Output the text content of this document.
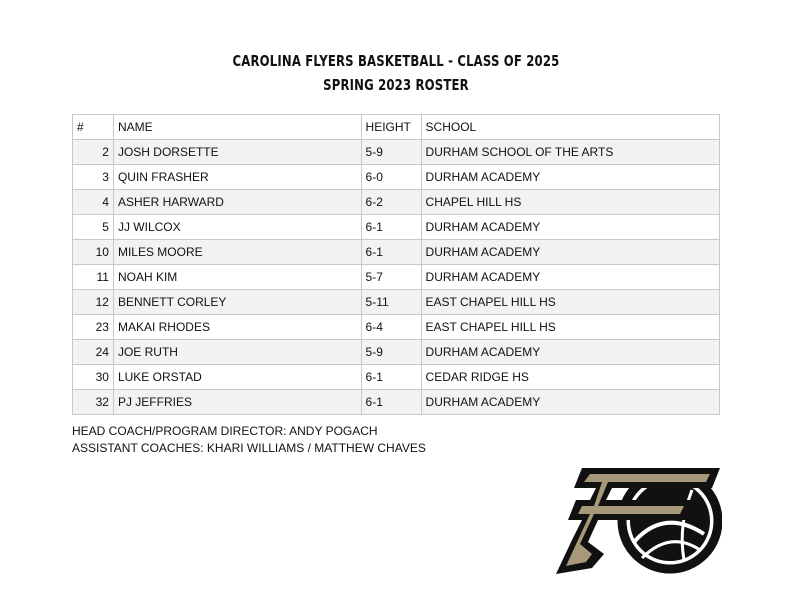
CAROLINA FLYERS BASKETBALL - CLASS OF 2025
SPRING 2023 ROSTER
#	NAME	HEIGHT	SCHOOL
2	JOSH DORSETTE	5-9	DURHAM SCHOOL OF THE ARTS
3	QUIN FRASHER	6-0	DURHAM ACADEMY
4	ASHER HARWARD	6-2	CHAPEL HILL HS
5	JJ WILCOX	6-1	DURHAM ACADEMY
10	MILES MOORE	6-1	DURHAM ACADEMY
11	NOAH KIM	5-7	DURHAM ACADEMY
12	BENNETT CORLEY	5-11	EAST CHAPEL HILL HS
23	MAKAI RHODES	6-4	EAST CHAPEL HILL HS
24	JOE RUTH	5-9	DURHAM ACADEMY
30	LUKE ORSTAD	6-1	CEDAR RIDGE HS
32	PJ JEFFRIES	6-1	DURHAM ACADEMY
HEAD COACH/PROGRAM DIRECTOR: ANDY POGACH
ASSISTANT COACHES: KHARI WILLIAMS / MATTHEW CHAVES
